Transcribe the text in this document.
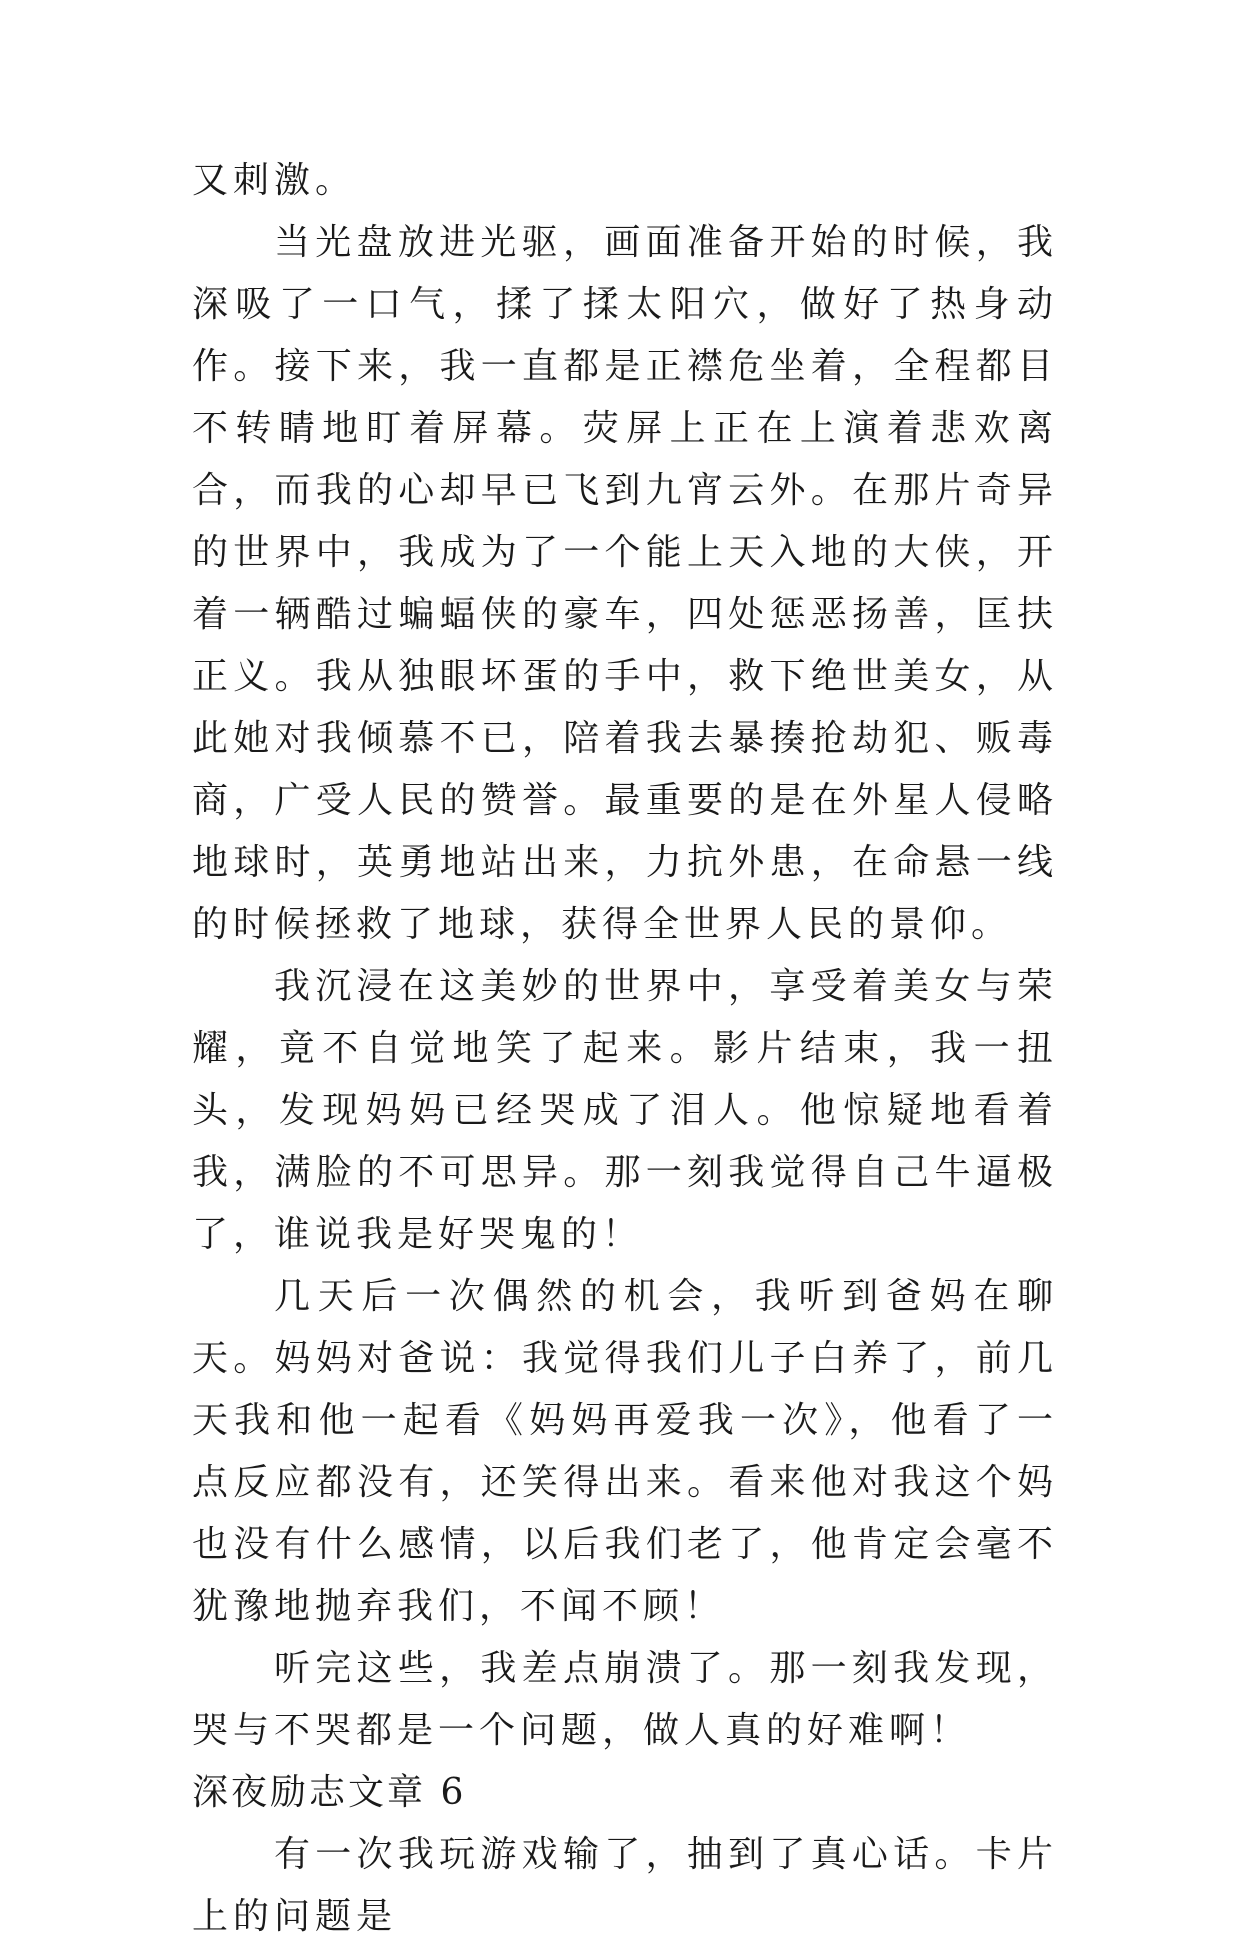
又刺激。

当光盘放进光驱，画面准备开始的时候，我深吸了一口气，揉了揉太阳穴，做好了热身动作。接下来，我一直都是正襟危坐着，全程都目不转睛地盯着屏幕。荧屏上正在上演着悲欢离合，而我的心却早已飞到九宵云外。在那片奇异的世界中，我成为了一个能上天入地的大侠，开着一辆酷过蝙蝠侠的豪车，四处惩恶扬善，匡扶正义。我从独眼坏蛋的手中，救下绝世美女，从此她对我倾慕不已，陪着我去暴揍抢劫犯、贩毒商，广受人民的赞誉。最重要的是在外星人侵略地球时，英勇地站出来，力抗外患，在命悬一线的时候拯救了地球，获得全世界人民的景仰。

我沉浸在这美妙的世界中，享受着美女与荣耀，竟不自觉地笑了起来。影片结束，我一扭头，发现妈妈已经哭成了泪人。他惊疑地看着我，满脸的不可思异。那一刻我觉得自己牛逼极了，谁说我是好哭鬼的！

几天后一次偶然的机会，我听到爸妈在聊天。妈妈对爸说：我觉得我们儿子白养了，前几天我和他一起看《妈妈再爱我一次》，他看了一点反应都没有，还笑得出来。看来他对我这个妈也没有什么感情，以后我们老了，他肯定会毫不犹豫地抛弃我们，不闻不顾！

听完这些，我差点崩溃了。那一刻我发现，哭与不哭都是一个问题，做人真的好难啊！

深夜励志文章 6

有一次我玩游戏输了，抽到了真心话。卡片上的问题是
